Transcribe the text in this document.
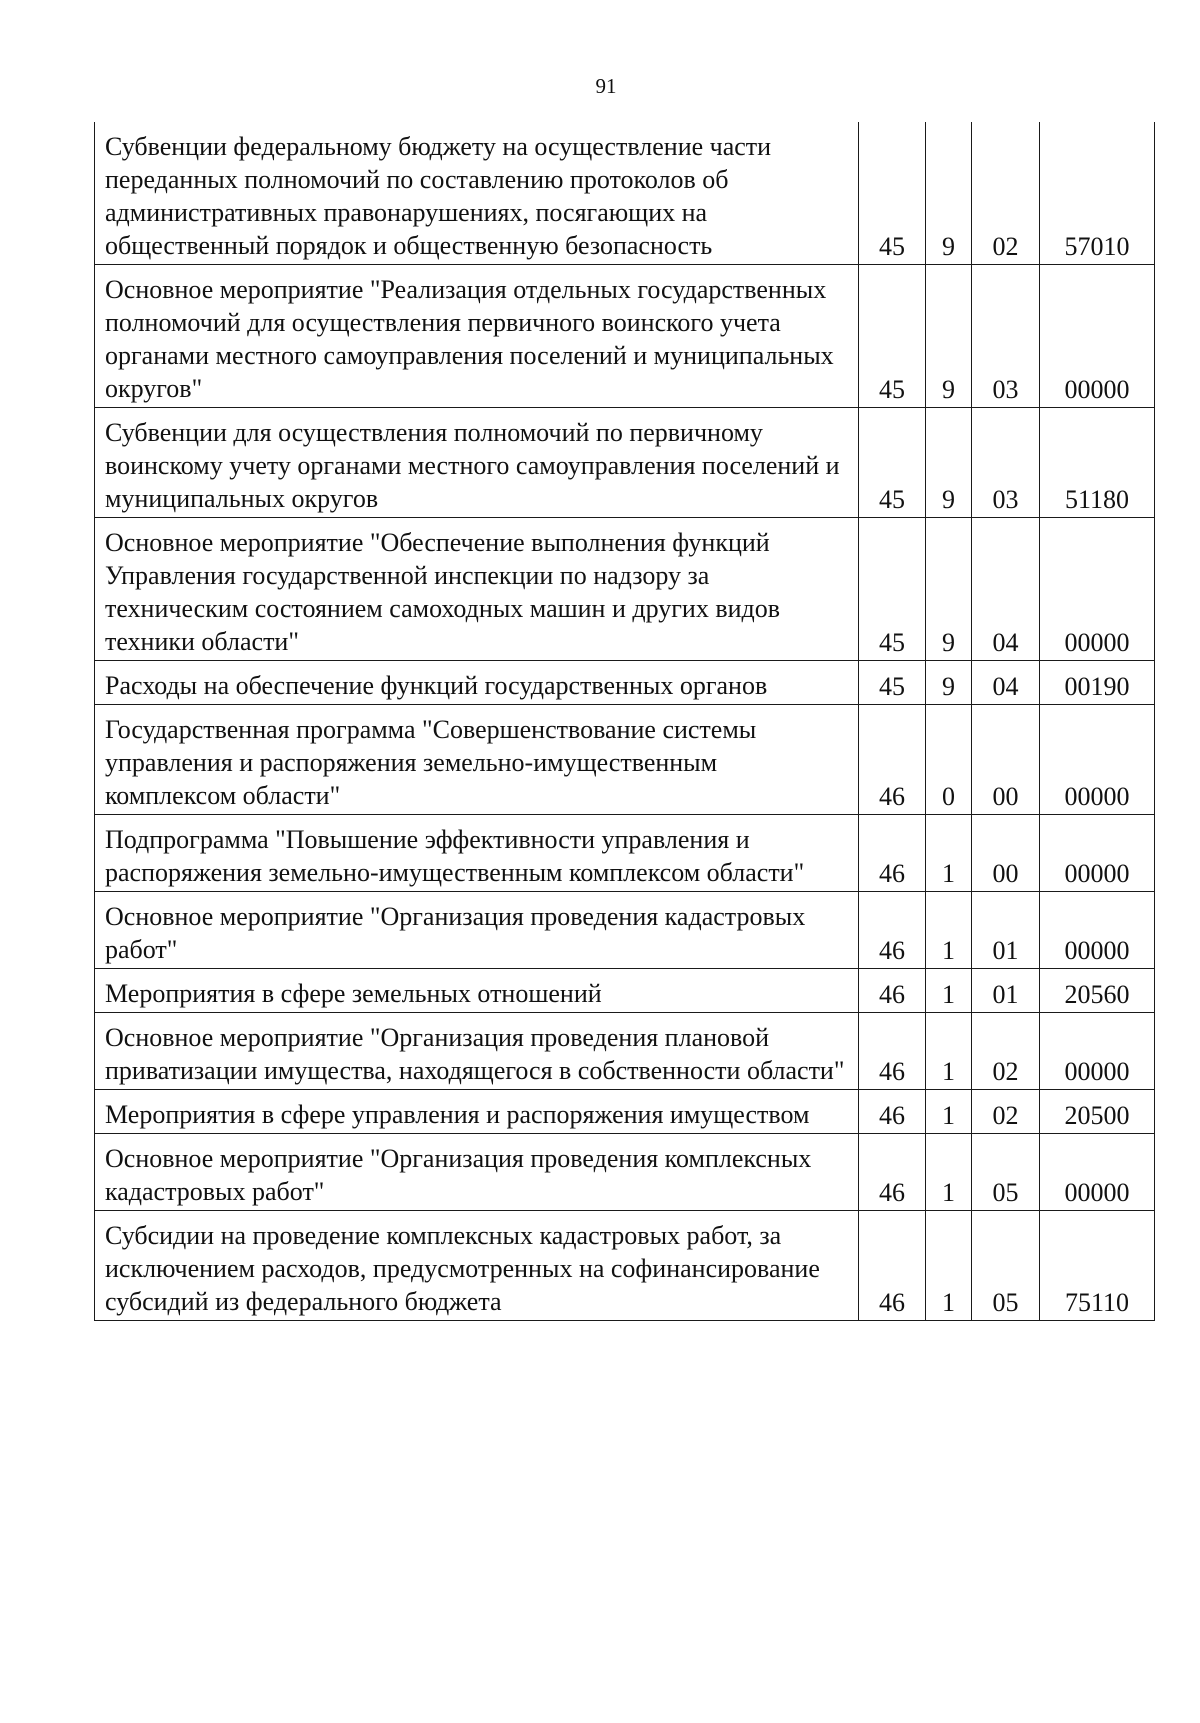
91
Субвенции федеральному бюджету на осуществление части переданных полномочий по составлению протоколов об административных правонарушениях, посягающих на общественный порядок и общественную безопасность	45	9	02	57010

Основное мероприятие "Реализация отдельных государственных полномочий для осуществления первичного воинского учета органами местного самоуправления поселений и муниципальных округов"	45	9	03	00000

Субвенции для осуществления полномочий по первичному воинскому учету органами местного самоуправления поселений и муниципальных округов	45	9	03	51180

Основное мероприятие "Обеспечение выполнения функций Управления государственной инспекции по надзору за техническим состоянием самоходных машин и других видов техники области"	45	9	04	00000

Расходы на обеспечение функций государственных органов	45	9	04	00190

Государственная программа "Совершенствование системы управления и распоряжения земельно-имущественным комплексом области"	46	0	00	00000

Подпрограмма "Повышение эффективности управления и распоряжения земельно-имущественным комплексом области"	46	1	00	00000

Основное мероприятие "Организация проведения кадастровых работ"	46	1	01	00000

Мероприятия в сфере земельных отношений	46	1	01	20560

Основное мероприятие "Организация проведения плановой приватизации имущества, находящегося в собственности области"	46	1	02	00000

Мероприятия в сфере управления и распоряжения имуществом	46	1	02	20500

Основное мероприятие "Организация проведения комплексных кадастровых работ"	46	1	05	00000

Субсидии на проведение комплексных кадастровых работ, за исключением расходов, предусмотренных на софинансирование субсидий из федерального бюджета	46	1	05	75110
